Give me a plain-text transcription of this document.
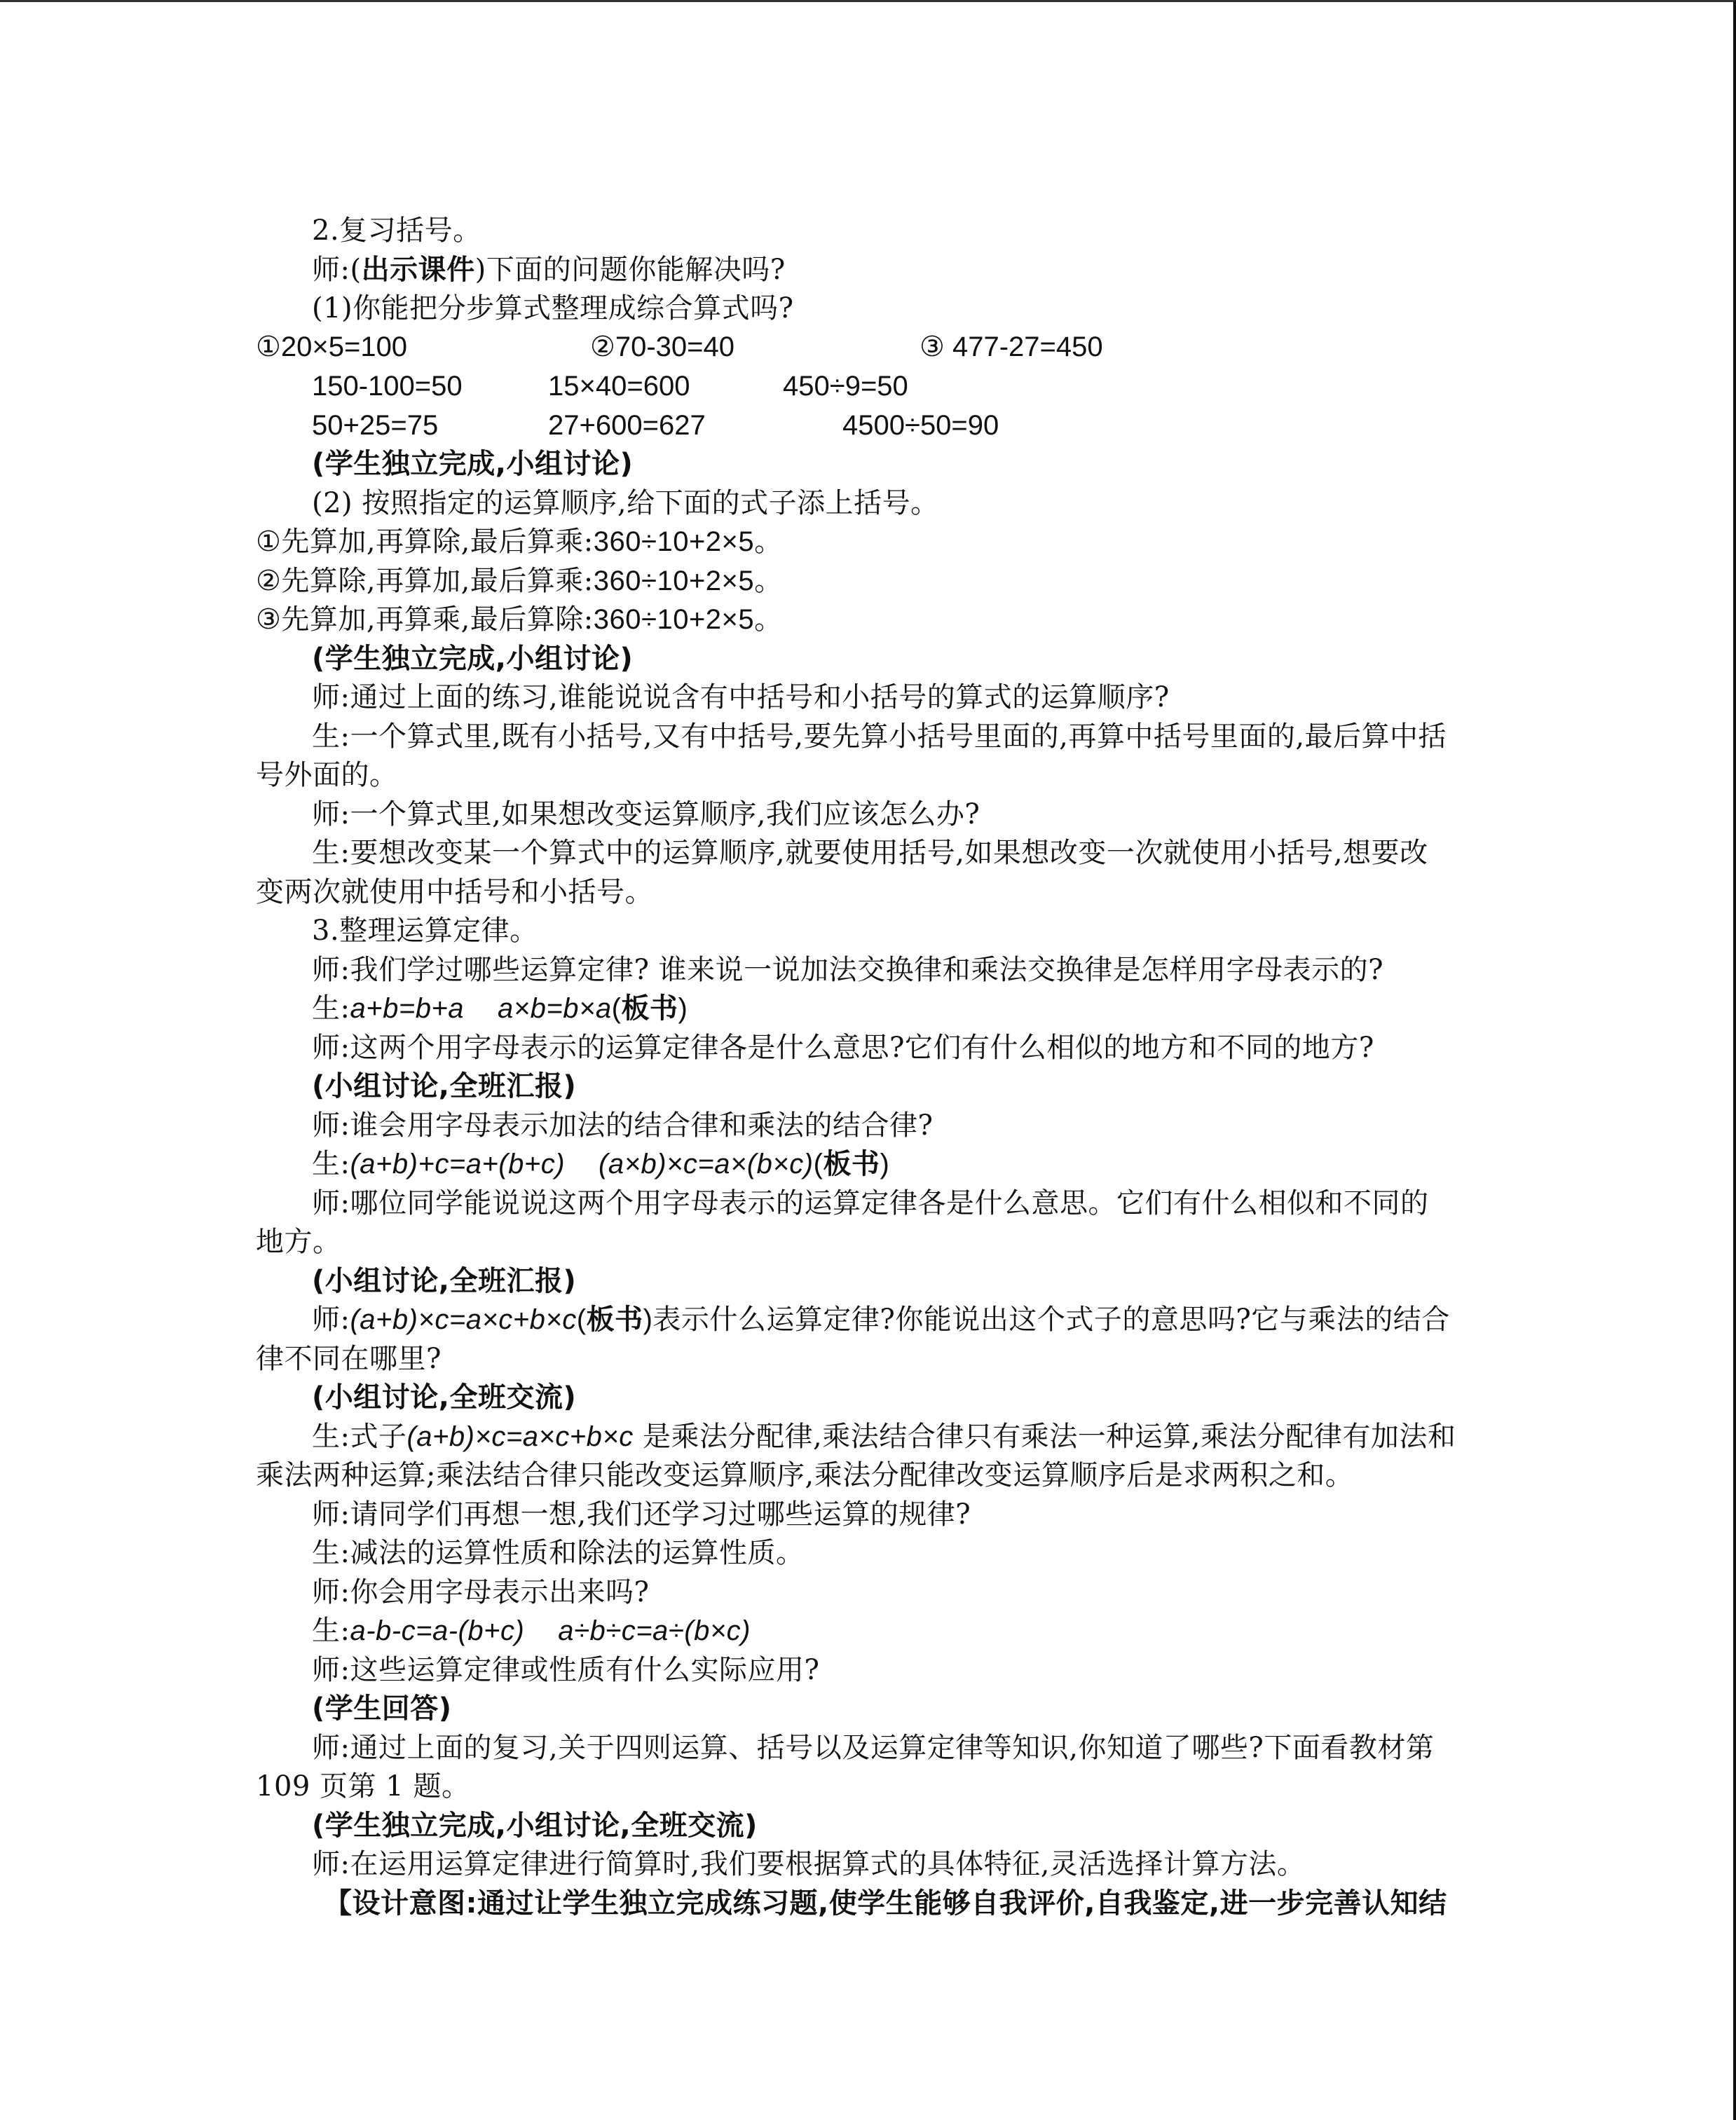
2.复习括号。
师:(出示课件)下面的问题你能解决吗?
(1)你能把分步算式整理成综合算式吗?
①20×5=100	②70-30=40	③ 477-27=450
150-100=50	15×40=600	450÷9=50
50+25=75	27+600=627	4500÷50=90
(学生独立完成,小组讨论)
(2) 按照指定的运算顺序,给下面的式子添上括号。
①先算加,再算除,最后算乘:360÷10+2×5。
②先算除,再算加,最后算乘:360÷10+2×5。
③先算加,再算乘,最后算除:360÷10+2×5。
(学生独立完成,小组讨论)
师:通过上面的练习,谁能说说含有中括号和小括号的算式的运算顺序?
生:一个算式里,既有小括号,又有中括号,要先算小括号里面的,再算中括号里面的,最后算中括
号外面的。
师:一个算式里,如果想改变运算顺序,我们应该怎么办?
生:要想改变某一个算式中的运算顺序,就要使用括号,如果想改变一次就使用小括号,想要改
变两次就使用中括号和小括号。
3.整理运算定律。
师:我们学过哪些运算定律? 谁来说一说加法交换律和乘法交换律是怎样用字母表示的?
生:a+b=b+a a×b=b×a(板书)
师:这两个用字母表示的运算定律各是什么意思?它们有什么相似的地方和不同的地方?
(小组讨论,全班汇报)
师:谁会用字母表示加法的结合律和乘法的结合律?
生:(a+b)+c=a+(b+c) (a×b)×c=a×(b×c)(板书)
师:哪位同学能说说这两个用字母表示的运算定律各是什么意思。它们有什么相似和不同的
地方。
(小组讨论,全班汇报)
师:(a+b)×c=a×c+b×c(板书)表示什么运算定律?你能说出这个式子的意思吗?它与乘法的结合
律不同在哪里?
(小组讨论,全班交流)
生:式子(a+b)×c=a×c+b×c 是乘法分配律,乘法结合律只有乘法一种运算,乘法分配律有加法和
乘法两种运算;乘法结合律只能改变运算顺序,乘法分配律改变运算顺序后是求两积之和。
师:请同学们再想一想,我们还学习过哪些运算的规律?
生:减法的运算性质和除法的运算性质。
师:你会用字母表示出来吗?
生:a-b-c=a-(b+c) a÷b÷c=a÷(b×c)
师:这些运算定律或性质有什么实际应用?
(学生回答)
师:通过上面的复习,关于四则运算、括号以及运算定律等知识,你知道了哪些?下面看教材第
109 页第 1 题。
(学生独立完成,小组讨论,全班交流)
师:在运用运算定律进行简算时,我们要根据算式的具体特征,灵活选择计算方法。
【设计意图:通过让学生独立完成练习题,使学生能够自我评价,自我鉴定,进一步完善认知结
